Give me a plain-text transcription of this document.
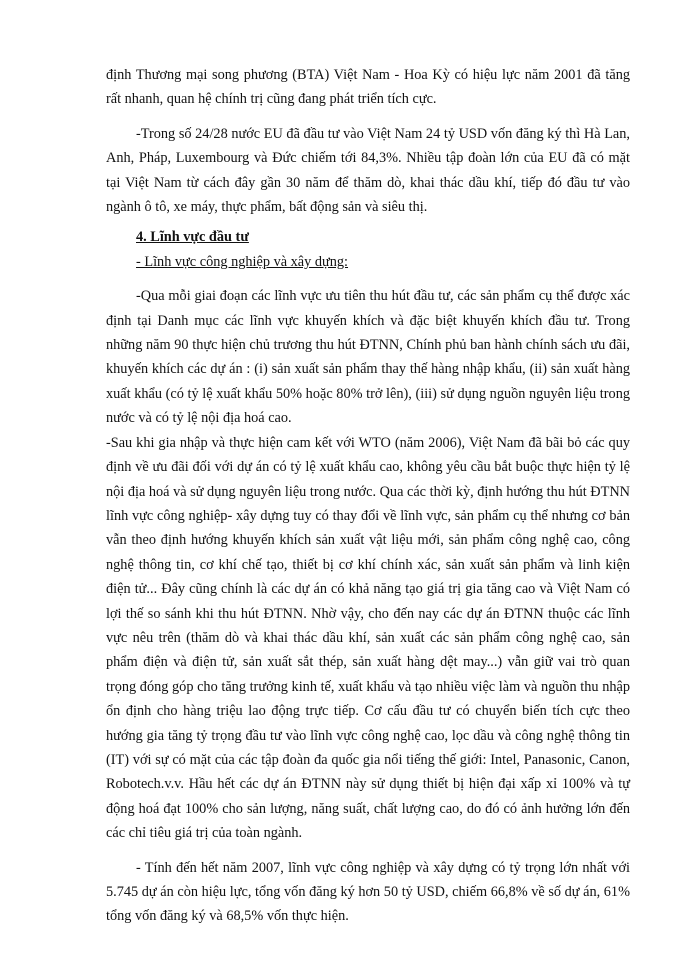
định Thương mại song phương (BTA) Việt Nam - Hoa Kỳ có hiệu lực năm 2001 đã tăng rất nhanh, quan hệ chính trị cũng đang phát triển tích cực.

-Trong số 24/28 nước EU đã đầu tư vào Việt Nam 24 tỷ USD vốn đăng ký thì Hà Lan, Anh, Pháp, Luxembourg và Đức chiếm tới 84,3%. Nhiều tập đoàn lớn của EU đã có mặt tại Việt Nam từ cách đây gần 30 năm để thăm dò, khai thác dầu khí, tiếp đó đầu tư vào ngành ô tô, xe máy, thực phẩm, bất động sản và siêu thị.

4. Lĩnh vực đầu tư

- Lĩnh vực công nghiệp và xây dựng:

-Qua mỗi giai đoạn các lĩnh vực ưu tiên thu hút đầu tư, các sản phẩm cụ thể được xác định tại Danh mục các lĩnh vực khuyến khích và đặc biệt khuyến khích đầu tư. Trong những năm 90 thực hiện chủ trương thu hút ĐTNN, Chính phủ ban hành chính sách ưu đãi, khuyến khích các dự án : (i) sản xuất sản phẩm thay thế hàng nhập khẩu, (ii) sản xuất hàng xuất khẩu (có tỷ lệ xuất khẩu 50% hoặc 80% trở lên), (iii) sử dụng nguồn nguyên liệu trong nước và có tỷ lệ nội địa hoá cao.

-Sau khi gia nhập và thực hiện cam kết với WTO (năm 2006), Việt Nam đã bãi bỏ các quy định về ưu đãi đối với dự án có tỷ lệ xuất khẩu cao, không yêu cầu bắt buộc thực hiện tỷ lệ nội địa hoá và sử dụng nguyên liệu trong nước. Qua các thời kỳ, định hướng thu hút ĐTNN lĩnh vực công nghiệp- xây dựng tuy có thay đổi về lĩnh vực, sản phẩm cụ thể nhưng cơ bản vẫn theo định hướng khuyến khích sản xuất vật liệu mới, sản phẩm công nghệ cao, công nghệ thông tin, cơ khí chế tạo, thiết bị cơ khí chính xác, sản xuất sản phẩm và linh kiện điện tử... Đây cũng chính là các dự án có khả năng tạo giá trị gia tăng cao và Việt Nam có lợi thế so sánh khi thu hút ĐTNN. Nhờ vậy, cho đến nay các dự án ĐTNN thuộc các lĩnh vực nêu trên (thăm dò và khai thác dầu khí, sản xuất các sản phẩm công nghệ cao, sản phẩm điện và điện tử, sản xuất sắt thép, sản xuất hàng dệt may...) vẫn giữ vai trò quan trọng đóng góp cho tăng trưởng kinh tế, xuất khẩu và tạo nhiều việc làm và nguồn thu nhập ổn định cho hàng triệu lao động trực tiếp. Cơ cấu đầu tư có chuyển biến tích cực theo hướng gia tăng tỷ trọng đầu tư vào lĩnh vực công nghệ cao, lọc dầu và công nghệ thông tin (IT) với sự có mặt của các tập đoàn đa quốc gia nổi tiếng thế giới: Intel, Panasonic, Canon, Robotech.v.v. Hầu hết các dự án ĐTNN này sử dụng thiết bị hiện đại xấp xỉ 100% và tự động hoá đạt 100% cho sản lượng, năng suất, chất lượng cao, do đó có ảnh hưởng lớn đến các chỉ tiêu giá trị của toàn ngành.

- Tính đến hết năm 2007, lĩnh vực công nghiệp và xây dựng có tỷ trọng lớn nhất với 5.745 dự án còn hiệu lực, tổng vốn đăng ký hơn 50 tỷ USD, chiếm 66,8% về số dự án, 61% tổng vốn đăng ký và 68,5% vốn thực hiện.
